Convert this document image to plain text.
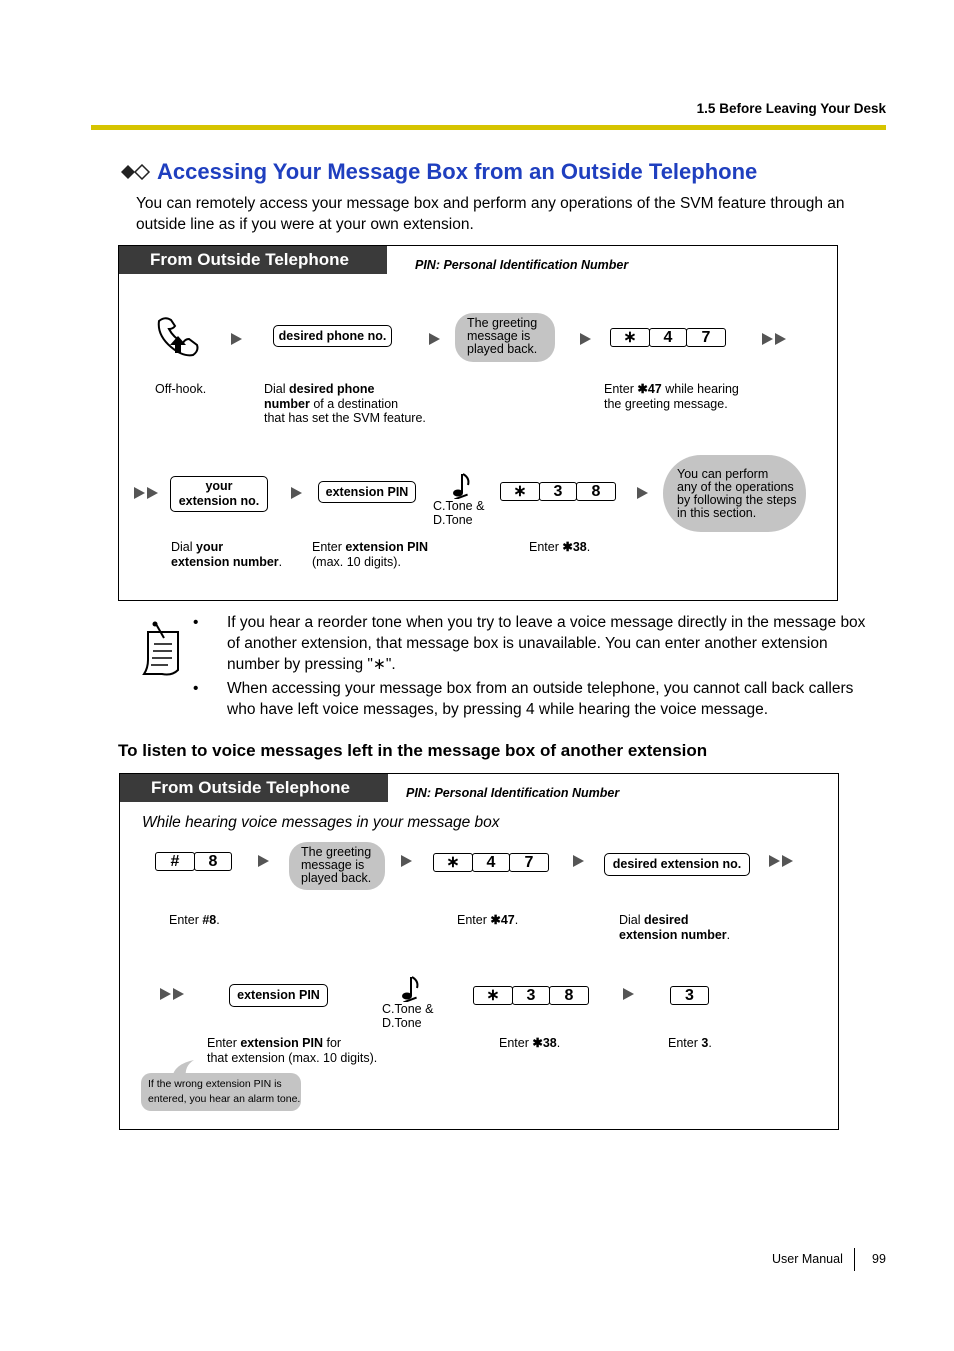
1.5 Before Leaving Your Desk
Accessing Your Message Box from an Outside Telephone
You can remotely access your message box and perform any operations of the SVM feature through an outside line as if you were at your own extension.
From Outside Telephone	PIN: Personal Identification Number
desired phone no.
The greeting
message is
played back.
∗	4	7
Off-hook.	Dial desired phone
number of a destination
that has set the SVM feature.
Enter ✱47 while hearing
the greeting message.
your
extension no.
extension PIN
C.Tone &
D.Tone
∗	3	8
You can perform
any of the operations
by following the steps
in this section.
Dial your
extension number.
Enter extension PIN
(max. 10 digits).
Enter ✱38.
• If you hear a reorder tone when you try to leave a voice message directly in the message box of another extension, that message box is unavailable. You can enter another extension number by pressing "∗".
• When accessing your message box from an outside telephone, you cannot call back callers who have left voice messages, by pressing 4 while hearing the voice message.
To listen to voice messages left in the message box of another extension
From Outside Telephone	PIN: Personal Identification Number
While hearing voice messages in your message box
#	8
The greeting
message is
played back.
∗	4	7	desired extension no.
Enter #8.	Enter ✱47.	Dial desired
extension number.
extension PIN
C.Tone &
D.Tone
∗	3	8	3
Enter extension PIN for
that extension (max. 10 digits).
Enter ✱38.	Enter 3.
If the wrong extension PIN is
entered, you hear an alarm tone.
User Manual 99
